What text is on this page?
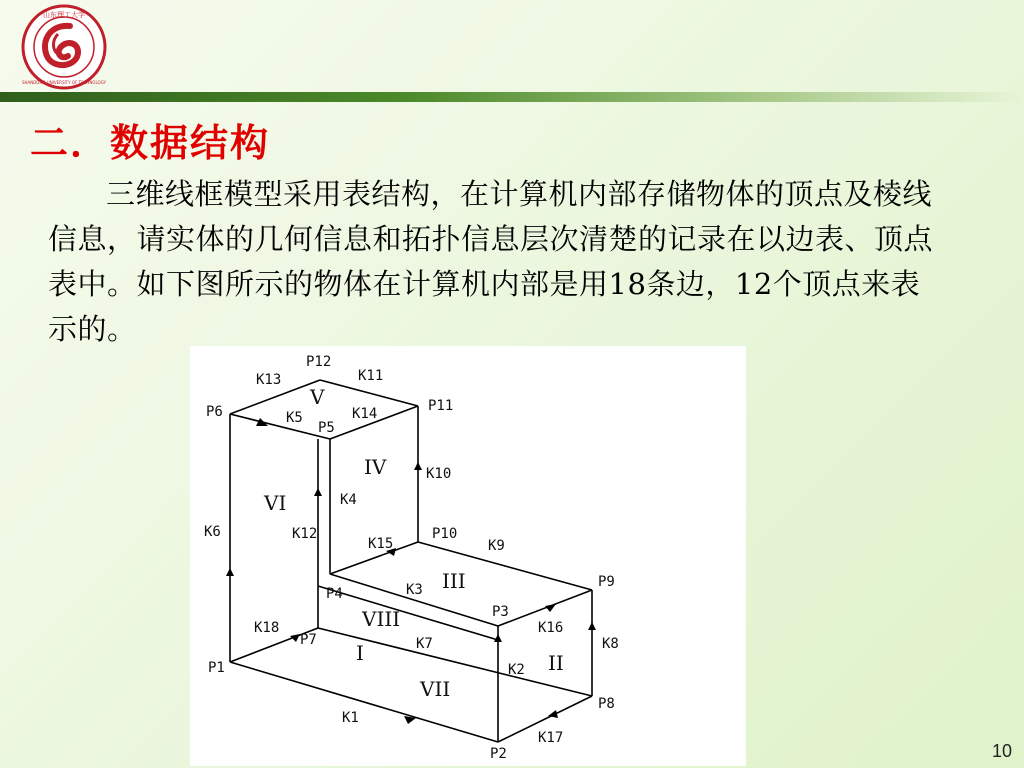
山东理工大学
SHANDONG UNIVERSITY OF TECHNOLOGY
二．数据结构

三维线框模型采用表结构，在计算机内部存储物体的顶点及棱线信息，请实体的几何信息和拓扑信息层次清楚的记录在以边表、顶点表中。如下图所示的物体在计算机内部是用18条边，12个顶点来表示的。

P1
P2
P3
P4
P5
P6
P7
P8
P9
P10
P11
P12
K1
K2
K3
K4
K5
K6
K7	K8
K9
K10
K11
K12
K13
K14
K15
K16
K17
K18
I	II
III
IV
V
VI
VII
VIII
10
